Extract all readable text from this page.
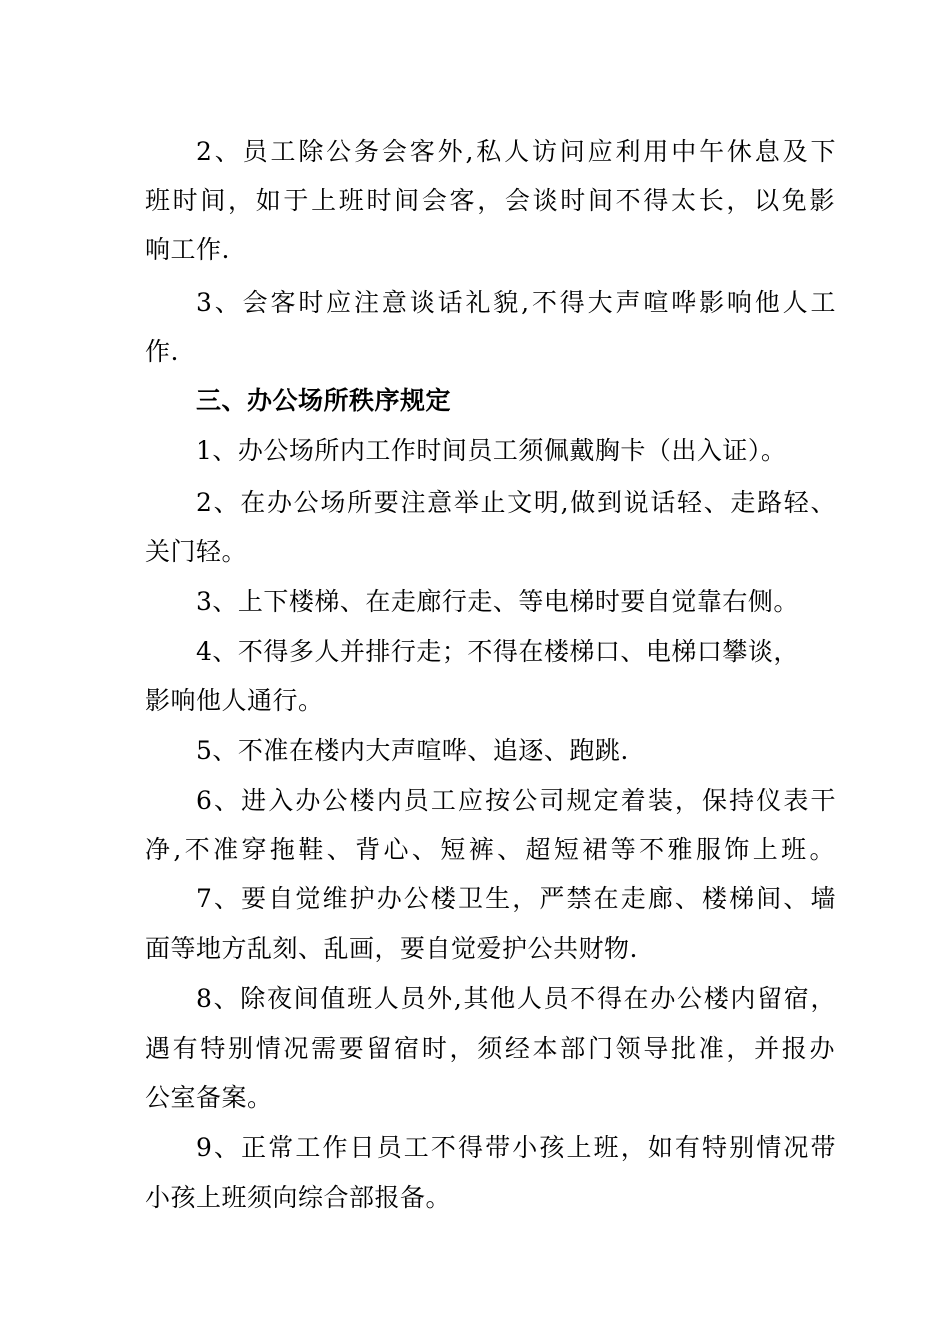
2、员工除公务会客外,私人访问应利用中午休息及下

班时间，如于上班时间会客，会谈时间不得太长，以免影

响工作.

3、会客时应注意谈话礼貌,不得大声喧哗影响他人工

作.

三、办公场所秩序规定

1、办公场所内工作时间员工须佩戴胸卡（出入证）。

2、在办公场所要注意举止文明,做到说话轻、走路轻、

关门轻。

3、上下楼梯、在走廊行走、等电梯时要自觉靠右侧。

4、不得多人并排行走；不得在楼梯口、电梯口攀谈，

影响他人通行。

5、不准在楼内大声喧哗、追逐、跑跳.

6、进入办公楼内员工应按公司规定着装，保持仪表干

净,不准穿拖鞋、背心、短裤、超短裙等不雅服饰上班。

7、要自觉维护办公楼卫生，严禁在走廊、楼梯间、墙

面等地方乱刻、乱画，要自觉爱护公共财物.

8、除夜间值班人员外,其他人员不得在办公楼内留宿，

遇有特别情况需要留宿时，须经本部门领导批准，并报办

公室备案。

9、正常工作日员工不得带小孩上班，如有特别情况带

小孩上班须向综合部报备。
